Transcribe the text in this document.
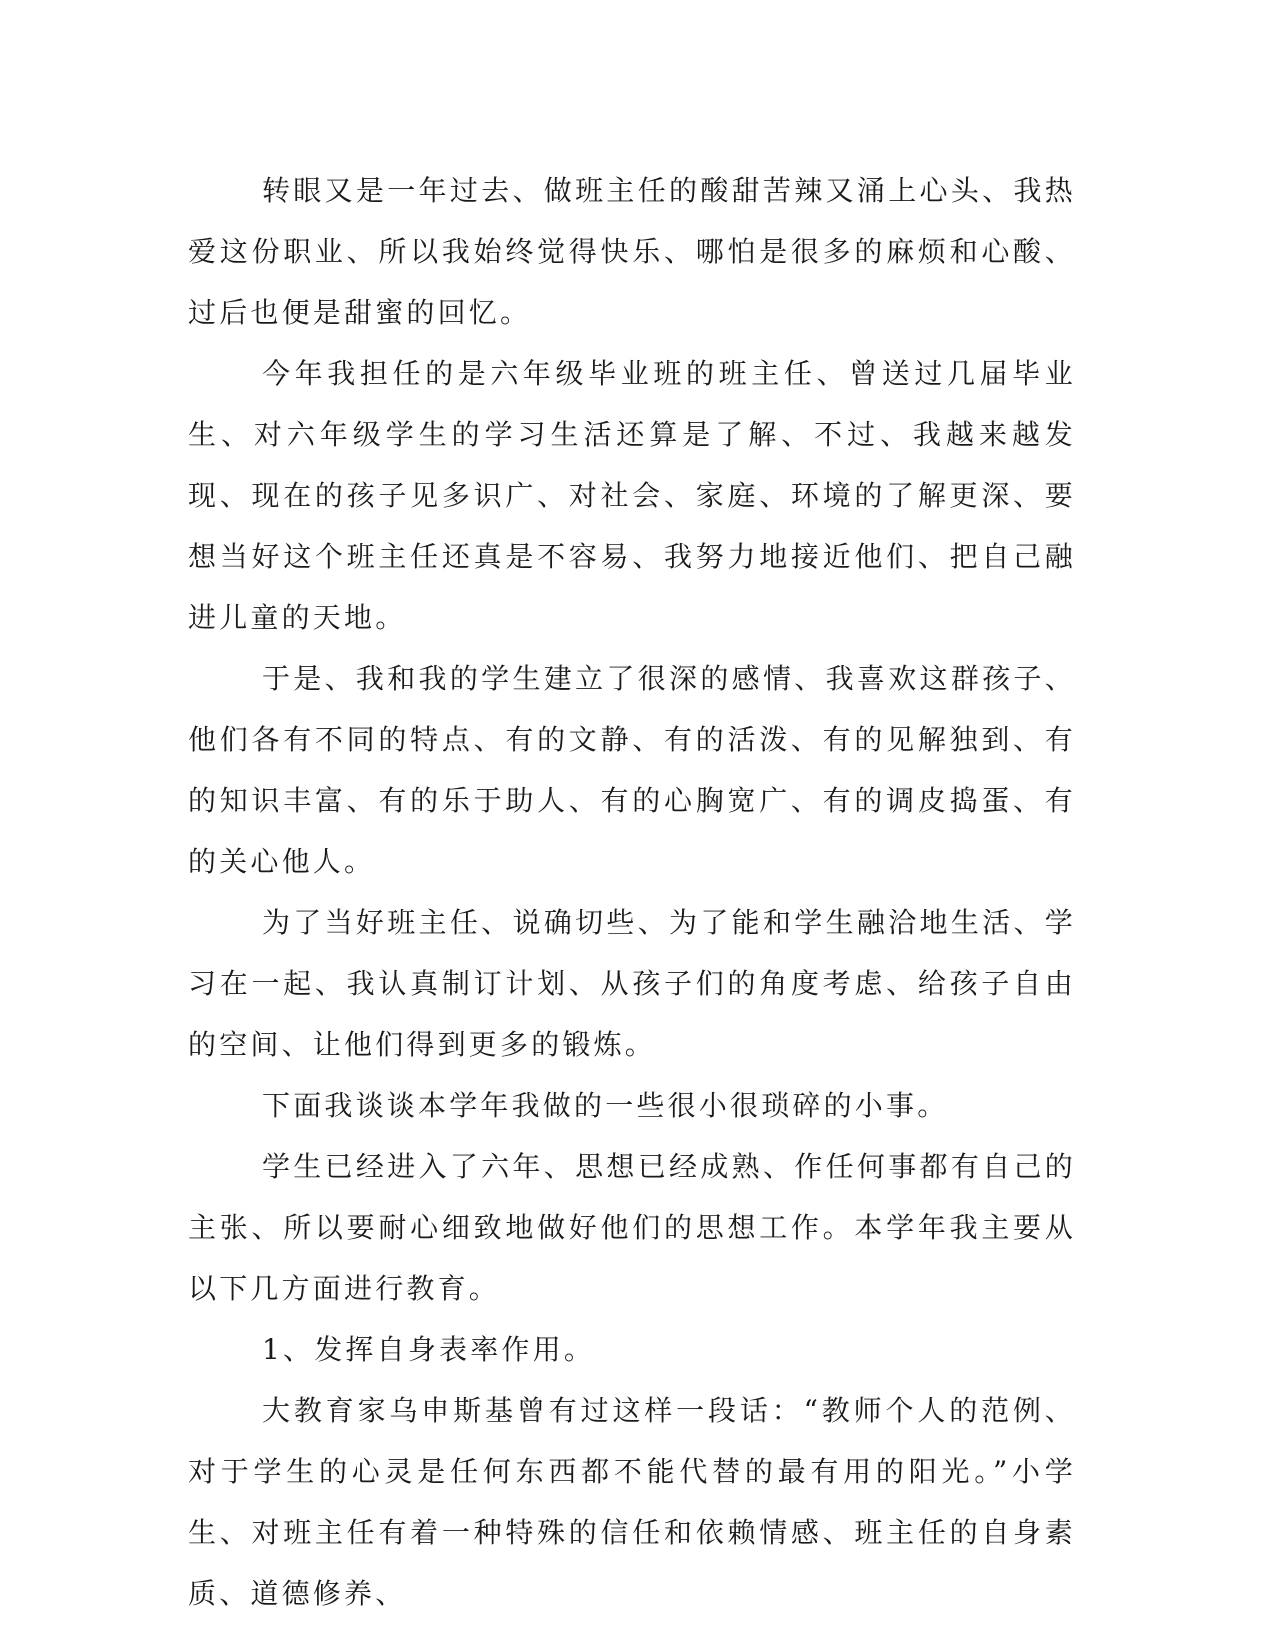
转眼又是一年过去、做班主任的酸甜苦辣又涌上心头、我热爱这份职业、所以我始终觉得快乐、哪怕是很多的麻烦和心酸、过后也便是甜蜜的回忆。

今年我担任的是六年级毕业班的班主任、曾送过几届毕业生、对六年级学生的学习生活还算是了解、不过、我越来越发现、现在的孩子见多识广、对社会、家庭、环境的了解更深、要想当好这个班主任还真是不容易、我努力地接近他们、把自己融进儿童的天地。

于是、我和我的学生建立了很深的感情、我喜欢这群孩子、他们各有不同的特点、有的文静、有的活泼、有的见解独到、有的知识丰富、有的乐于助人、有的心胸宽广、有的调皮捣蛋、有的关心他人。

为了当好班主任、说确切些、为了能和学生融洽地生活、学习在一起、我认真制订计划、从孩子们的角度考虑、给孩子自由的空间、让他们得到更多的锻炼。

下面我谈谈本学年我做的一些很小很琐碎的小事。

学生已经进入了六年、思想已经成熟、作任何事都有自己的主张、所以要耐心细致地做好他们的思想工作。本学年我主要从以下几方面进行教育。

1、发挥自身表率作用。

大教育家乌申斯基曾有过这样一段话：“教师个人的范例、对于学生的心灵是任何东西都不能代替的最有用的阳光。”小学生、对班主任有着一种特殊的信任和依赖情感、班主任的自身素质、道德修养、
